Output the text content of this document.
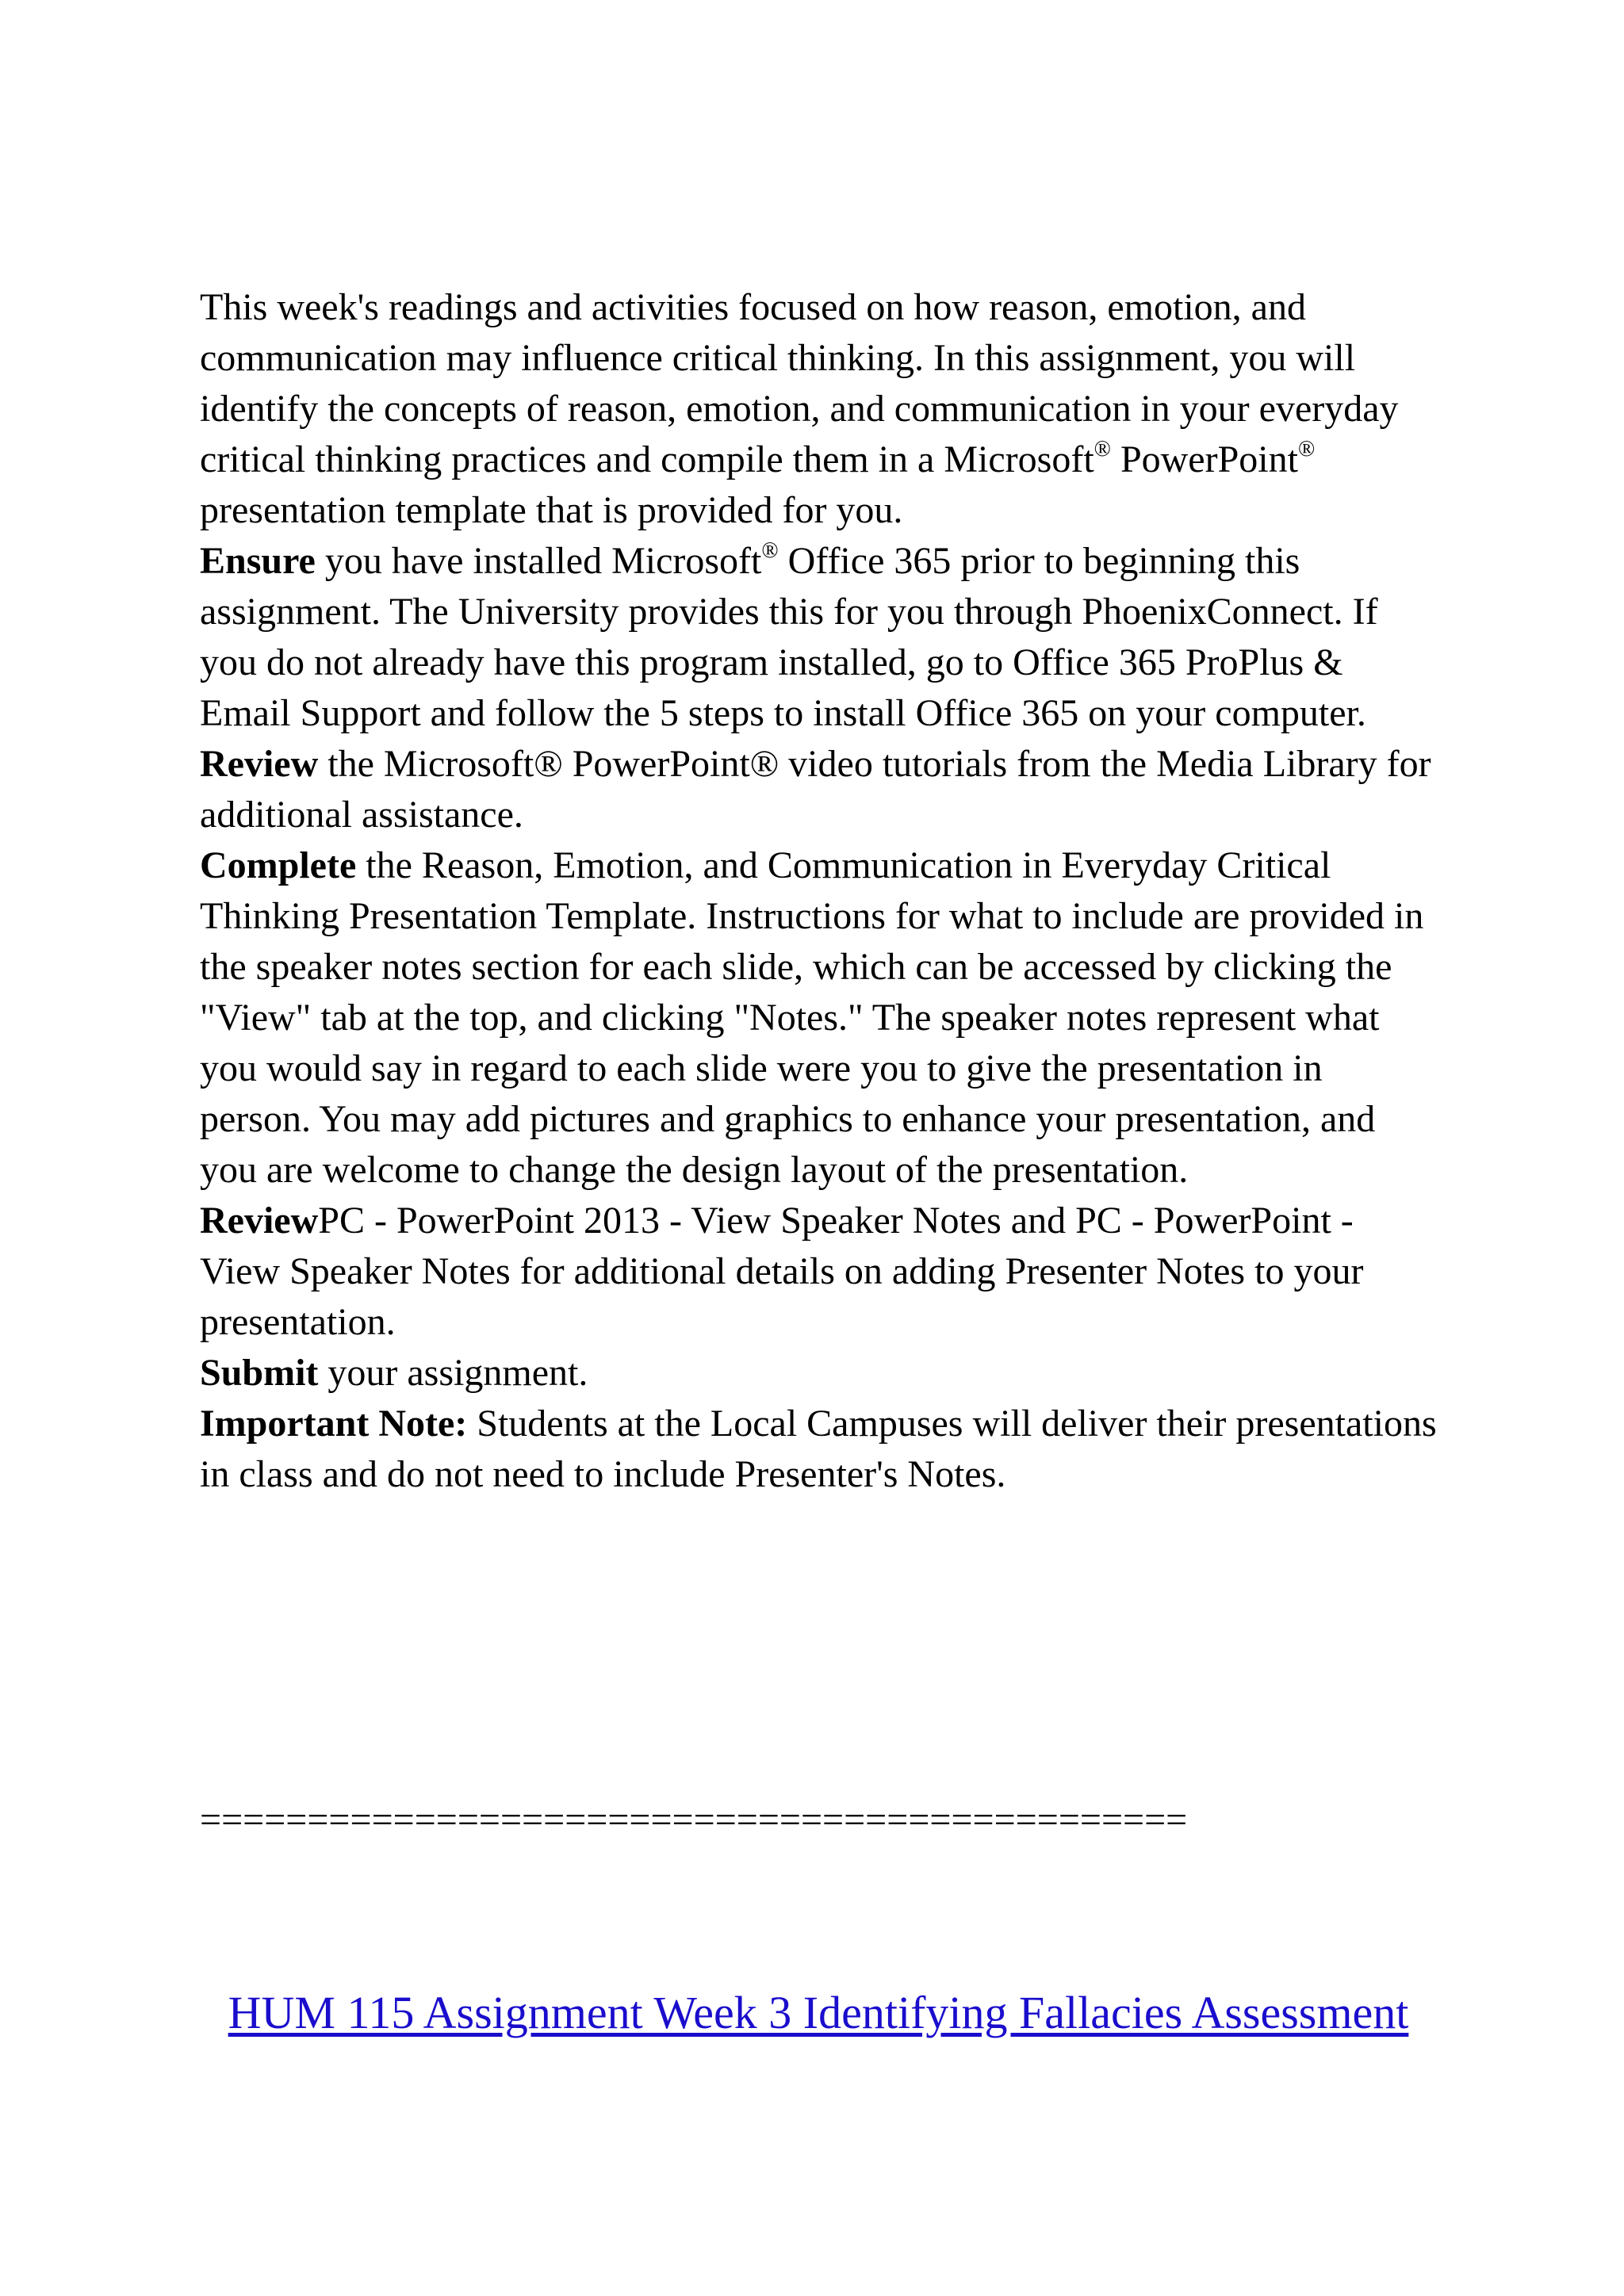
This week's readings and activities focused on how reason, emotion, and communication may influence critical thinking. In this assignment, you will identify the concepts of reason, emotion, and communication in your everyday critical thinking practices and compile them in a Microsoft® PowerPoint® presentation template that is provided for you.

Ensure you have installed Microsoft® Office 365 prior to beginning this assignment. The University provides this for you through PhoenixConnect. If you do not already have this program installed, go to Office 365 ProPlus & Email Support and follow the 5 steps to install Office 365 on your computer.

Review the Microsoft® PowerPoint® video tutorials from the Media Library for additional assistance.

Complete the Reason, Emotion, and Communication in Everyday Critical Thinking Presentation Template. Instructions for what to include are provided in the speaker notes section for each slide, which can be accessed by clicking the "View" tab at the top, and clicking "Notes." The speaker notes represent what you would say in regard to each slide were you to give the presentation in person. You may add pictures and graphics to enhance your presentation, and you are welcome to change the design layout of the presentation.

ReviewPC - PowerPoint 2013 - View Speaker Notes and PC - PowerPoint - View Speaker Notes for additional details on adding Presenter Notes to your presentation.

Submit your assignment.

Important Note: Students at the Local Campuses will deliver their presentations in class and do not need to include Presenter's Notes.

==============================================
HUM 115 Assignment Week 3 Identifying Fallacies Assessment
